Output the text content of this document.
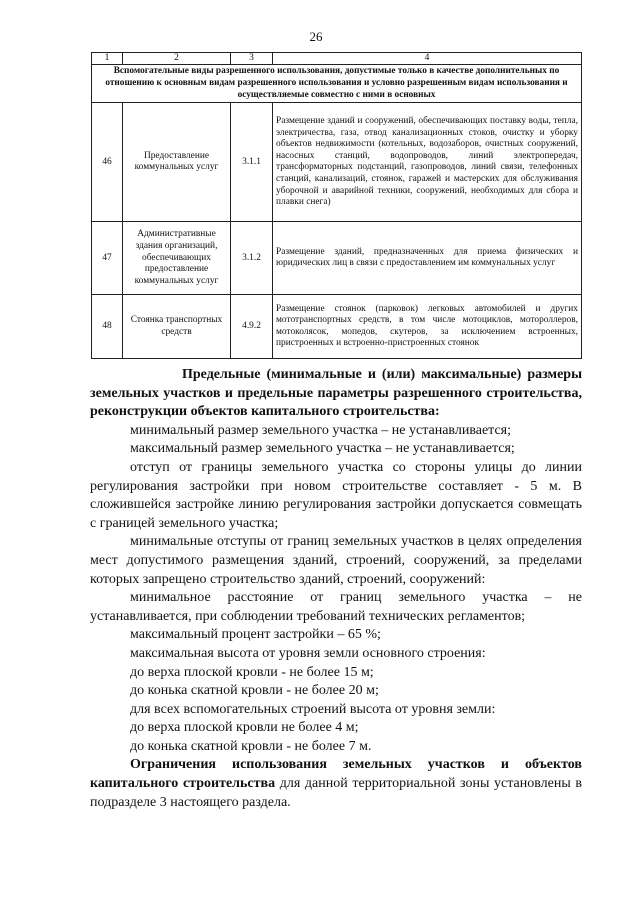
26
1	2	3	4
Вспомогательные виды разрешенного использования, допустимые только в качестве дополнительных по отношению к основным видам разрешенного использования и условно разрешенным видам использования и осуществляемые совместно с ними в основных			
46	Предоставление коммунальных услуг	3.1.1	Размещение зданий и сооружений, обеспечивающих поставку воды, тепла, электричества, газа, отвод канализационных стоков, очистку и уборку объектов недвижимости (котельных, водозаборов, очистных сооружений, насосных станций, водопроводов, линий электропередач, трансформаторных подстанций, газопроводов, линий связи, телефонных станций, канализаций, стоянок, гаражей и мастерских для обслуживания уборочной и аварийной техники, сооружений, необходимых для сбора и плавки снега)
47	Административные здания организаций, обеспечивающих предоставление коммунальных услуг	3.1.2	Размещение зданий, предназначенных для приема физических и юридических лиц в связи с предоставлением им коммунальных услуг
48	Стоянка транспортных средств	4.9.2	Размещение стоянок (парковок) легковых автомобилей и других мототранспортных средств, в том числе мотоциклов, мотороллеров, мотоколясок, мопедов, скутеров, за исключением встроенных, пристроенных и встроенно-пристроенных стоянок

Предельные (минимальные и (или) максимальные) размеры земельных участков и предельные параметры разрешенного строительства, реконструкции объектов капитального строительства:

минимальный размер земельного участка – не устанавливается;

максимальный размер земельного участка – не устанавливается;

отступ от границы земельного участка со стороны улицы до линии регулирования застройки при новом строительстве составляет - 5 м. В сложившейся застройке линию регулирования застройки допускается совмещать с границей земельного участка;

минимальные отступы от границ земельных участков в целях определения мест допустимого размещения зданий, строений, сооружений, за пределами которых запрещено строительство зданий, строений, сооружений:

минимальное расстояние от границ земельного участка – не устанавливается, при соблюдении требований технических регламентов;

максимальный процент застройки – 65 %;

максимальная высота от уровня земли основного строения:

до верха плоской кровли - не более 15 м;

до конька скатной кровли - не более 20 м;

для всех вспомогательных строений высота от уровня земли:

до верха плоской кровли не более 4 м;

до конька скатной кровли - не более 7 м.

Ограничения использования земельных участков и объектов капитального строительства для данной территориальной зоны установлены в подразделе 3 настоящего раздела.
